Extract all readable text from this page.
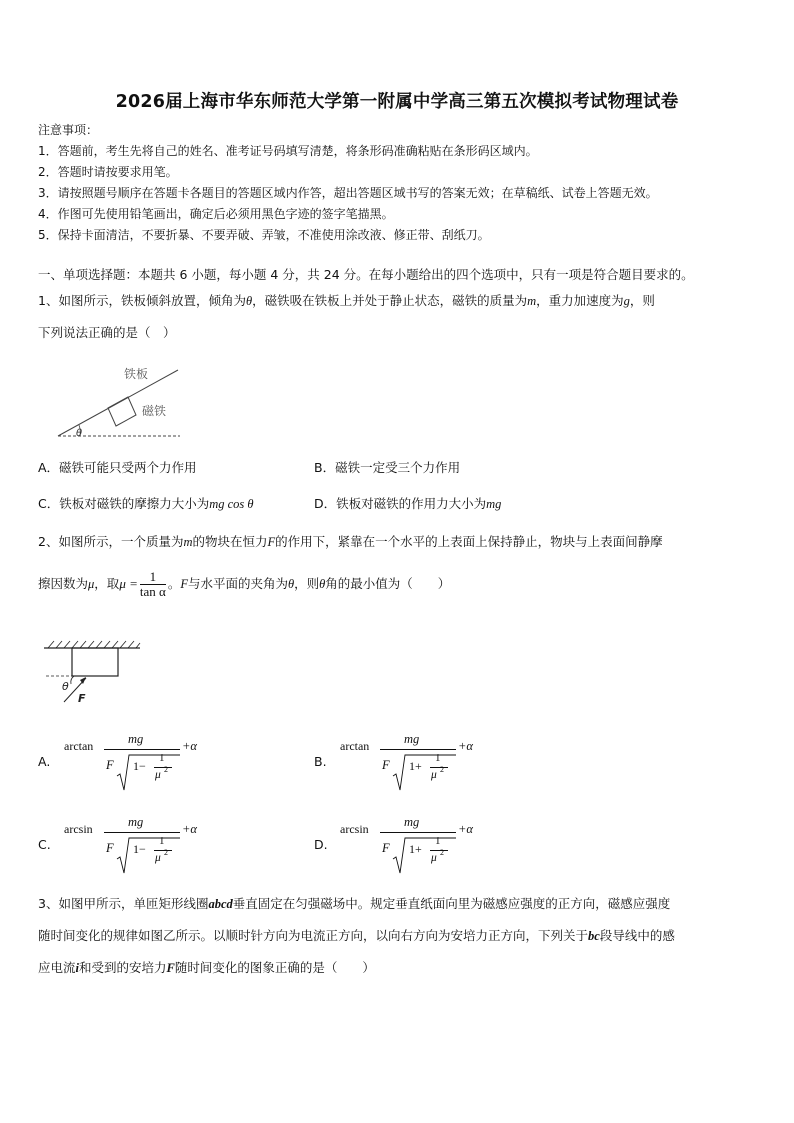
2026届上海市华东师范大学第一附属中学高三第五次模拟考试物理试卷
注意事项：
1．答题前，考生先将自己的姓名、准考证号码填写清楚，将条形码准确粘贴在条形码区域内。
2．答题时请按要求用笔。
3．请按照题号顺序在答题卡各题目的答题区域内作答，超出答题区域书写的答案无效；在草稿纸、试卷上答题无效。
4．作图可先使用铅笔画出，确定后必须用黑色字迹的签字笔描黑。
5．保持卡面清洁，不要折暴、不要弄破、弄皱，不准使用涂改液、修正带、刮纸刀。
一、单项选择题：本题共 6 小题，每小题 4 分，共 24 分。在每小题给出的四个选项中，只有一项是符合题目要求的。
1、如图所示，铁板倾斜放置，倾角为θ，磁铁吸在铁板上并处于静止状态，磁铁的质量为m，重力加速度为g，则
下列说法正确的是（　）
铁板
磁铁
θ
A．磁铁可能只受两个力作用	B．磁铁一定受三个力作用
C．铁板对磁铁的摩擦力大小为mg cos θ	D．铁板对磁铁的作用力大小为mg
2、如图所示，一个质量为m的物块在恒力F的作用下，紧靠在一个水平的上表面上保持静止，物块与上表面间静摩
擦因数为μ，取$\mu = \frac{1}{\text{tan α}}$ 。F与水平面的夹角为θ，则θ角的最小值为（　　）
θ
F
A.
arctan	mg	+α
F 1−
1
μ 2
B.
arctan	mg	+α
F 1+
1
μ 2
C.
arcsin	mg	+α
F 1−
1
μ 2
D.
arcsin	mg	+α
F 1+
1
μ 2
3、如图甲所示，单匝矩形线圈abcd垂直固定在匀强磁场中。规定垂直纸面向里为磁感应强度的正方向，磁感应强度
随时间变化的规律如图乙所示。以顺时针方向为电流正方向，以向右方向为安培力正方向，下列关于bc段导线中的感
应电流i和受到的安培力F随时间变化的图象正确的是（　　）
